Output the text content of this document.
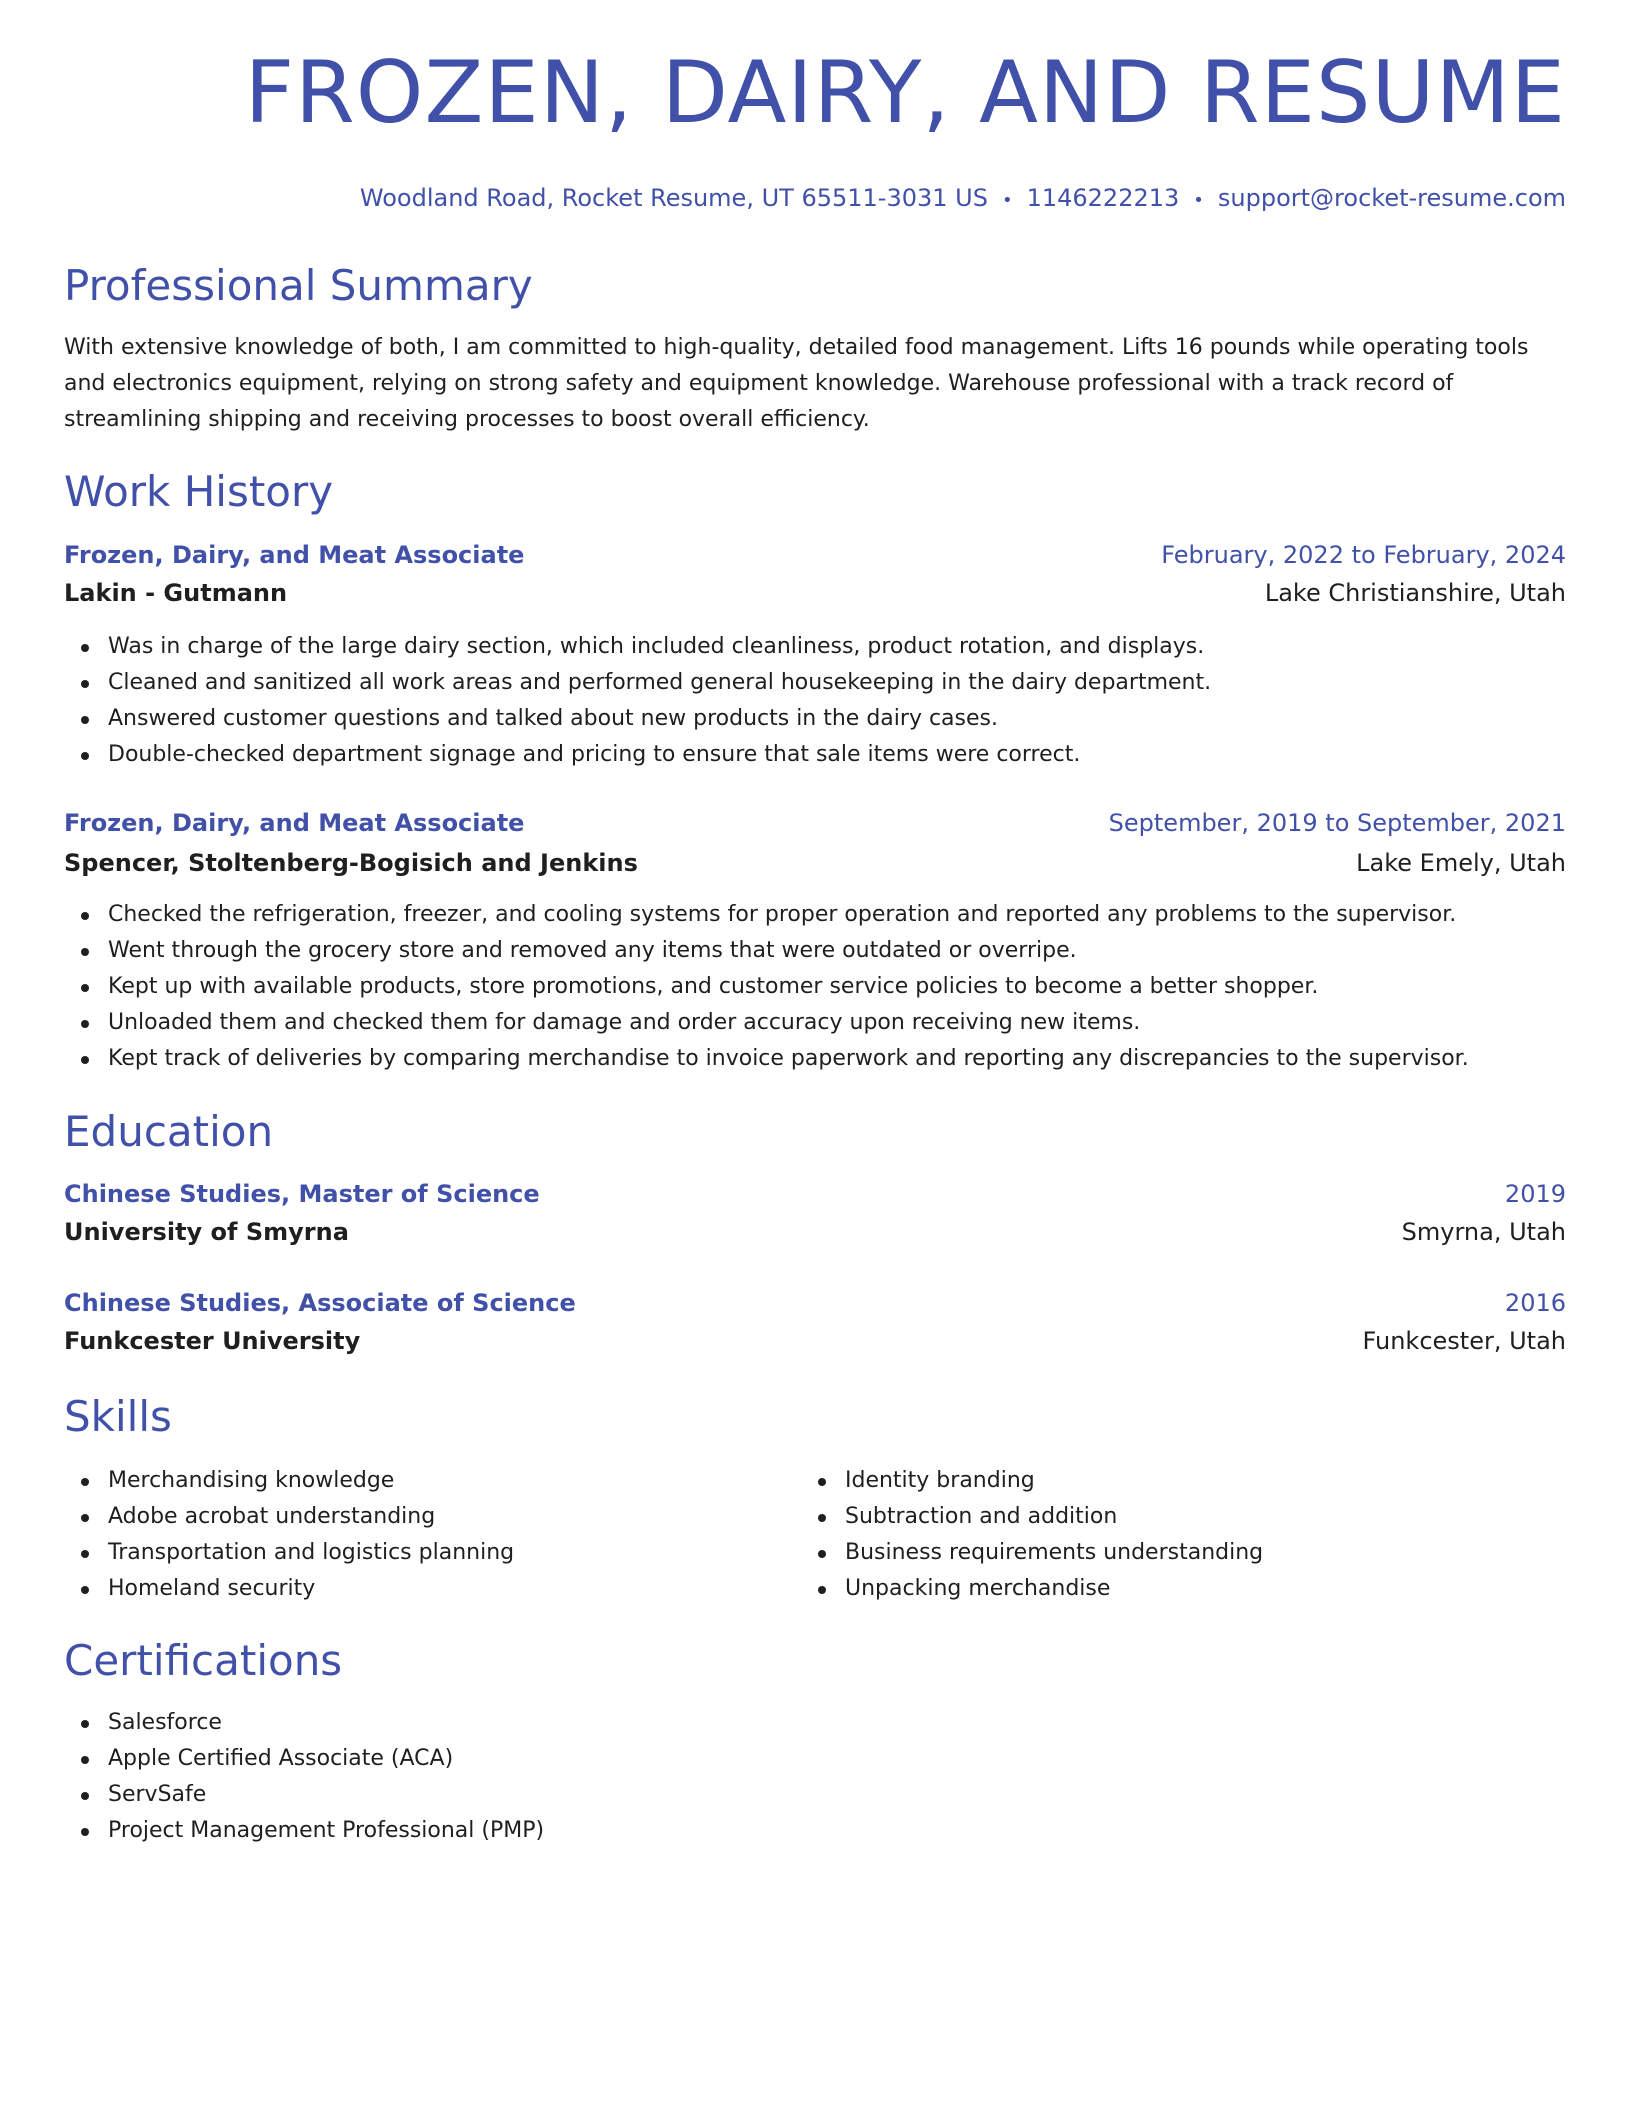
FROZEN, DAIRY, AND RESUME
Woodland Road, Rocket Resume, UT 65511-3031 US • 1146222213 • support@rocket-resume.com
Professional Summary

With extensive knowledge of both, I am committed to high-quality, detailed food management. Lifts 16 pounds while operating tools and electronics equipment, relying on strong safety and equipment knowledge. Warehouse professional with a track record of streamlining shipping and receiving processes to boost overall efficiency.

Work History
Frozen, Dairy, and Meat Associate	February, 2022 to February, 2024
Lakin - Gutmann	Lake Christianshire, Utah
Was in charge of the large dairy section, which included cleanliness, product rotation, and displays.
Cleaned and sanitized all work areas and performed general housekeeping in the dairy department.
Answered customer questions and talked about new products in the dairy cases.
Double-checked department signage and pricing to ensure that sale items were correct.
Frozen, Dairy, and Meat Associate	September, 2019 to September, 2021
Spencer, Stoltenberg-Bogisich and Jenkins	Lake Emely, Utah
Checked the refrigeration, freezer, and cooling systems for proper operation and reported any problems to the supervisor.
Went through the grocery store and removed any items that were outdated or overripe.
Kept up with available products, store promotions, and customer service policies to become a better shopper.
Unloaded them and checked them for damage and order accuracy upon receiving new items.
Kept track of deliveries by comparing merchandise to invoice paperwork and reporting any discrepancies to the supervisor.
Education
Chinese Studies, Master of Science	2019
University of Smyrna	Smyrna, Utah
Chinese Studies, Associate of Science	2016
Funkcester University	Funkcester, Utah
Skills
Merchandising knowledge
Adobe acrobat understanding
Transportation and logistics planning
Homeland security
Identity branding
Subtraction and addition
Business requirements understanding
Unpacking merchandise
Certifications
Salesforce
Apple Certified Associate (ACA)
ServSafe
Project Management Professional (PMP)
